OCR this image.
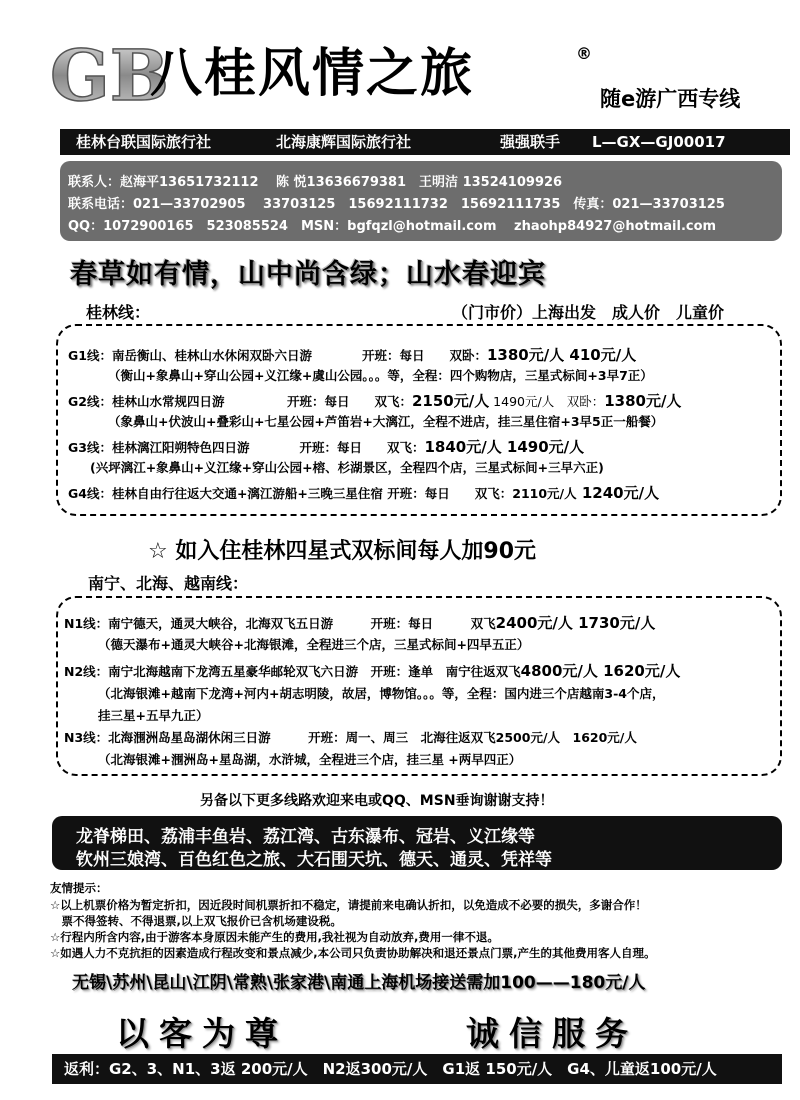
GB
八桂风情之旅	®
随e游广西专线
桂林台联国际旅行社	北海康辉国际旅行社	强强联手 L—GX—GJ00017
联系人：赵海平13651732112　 陈 悦13636679381　王明洁 13524109926
联系电话：021—33702905　 33703125　15692111732　15692111735　传真：021—33703125
QQ：1072900165　523085524　MSN：bgfqzl@hotmail.com　 zhaohp84927@hotmail.com
春草如有情，山中尚含绿；山水春迎宾
桂林线：	（门市价）上海出发　成人价　儿童价
G1线：南岳衡山、桂林山水休闲双卧六日游　　　　开班：每日　　双卧：1380元/人 410元/人
（衡山+象鼻山+穿山公园+义江缘+虞山公园。。。等，全程：四个购物店，三星式标间+3早7正）
G2线：桂林山水常规四日游　　　　　开班：每日　　双飞：2150元/人 1490元/人　双卧：1380元/人
（象鼻山+伏波山+叠彩山+七星公园+芦笛岩+大漓江，全程不进店，挂三星住宿+3早5正一船餐）
G3线：桂林漓江阳朔特色四日游　　　　开班：每日　　双飞：1840元/人 1490元/人
(兴坪漓江+象鼻山+义江缘+穿山公园+榕、杉湖景区，全程四个店，三星式标间+三早六正)
G4线：桂林自由行往返大交通+漓江游船+三晚三星住宿 开班：每日　　双飞：2110元/人 1240元/人
☆ 如入住桂林四星式双标间每人加90元
南宁、北海、越南线：
N1线：南宁德天，通灵大峡谷，北海双飞五日游　　　开班：每日　　　双飞2400元/人 1730元/人
（德天瀑布+通灵大峡谷+北海银滩，全程进三个店，三星式标间+四早五正）
N2线：南宁北海越南下龙湾五星豪华邮轮双飞六日游　开班：逢单　南宁往返双飞4800元/人 1620元/人
（北海银滩+越南下龙湾+河内+胡志明陵，故居，博物馆。。。等，全程：国内进三个店越南3-4个店，
挂三星+五早九正）
N3线：北海涠洲岛星岛湖休闲三日游　　　开班：周一、周三　北海往返双飞2500元/人　1620元/人
（北海银滩+涠洲岛+星岛湖，水浒城，全程进三个店，挂三星 +两早四正）
另备以下更多线路欢迎来电或QQ、MSN垂询谢谢支持！
龙脊梯田、荔浦丰鱼岩、荔江湾、古东瀑布、冠岩、义江缘等
钦州三娘湾、百色红色之旅、大石围天坑、德天、通灵、凭祥等
友情提示：
☆以上机票价格为暂定折扣，因近段时间机票折扣不稳定，请提前来电确认折扣，以免造成不必要的损失，多谢合作！
　票不得签转、不得退票,以上双飞报价已含机场建设税。
☆行程内所含内容,由于游客本身原因未能产生的费用,我社视为自动放弃,费用一律不退。
☆如遇人力不克抗拒的因素造成行程改变和景点减少,本公司只负责协助解决和退还景点门票,产生的其他费用客人自理。
无锡\苏州\昆山\江阴\常熟\张家港\南通上海机场接送需加100——180元/人
以客为尊	诚信服务
返利：G2、3、N1、3返 200元/人　N2返300元/人　G1返 150元/人　G4、儿童返100元/人
